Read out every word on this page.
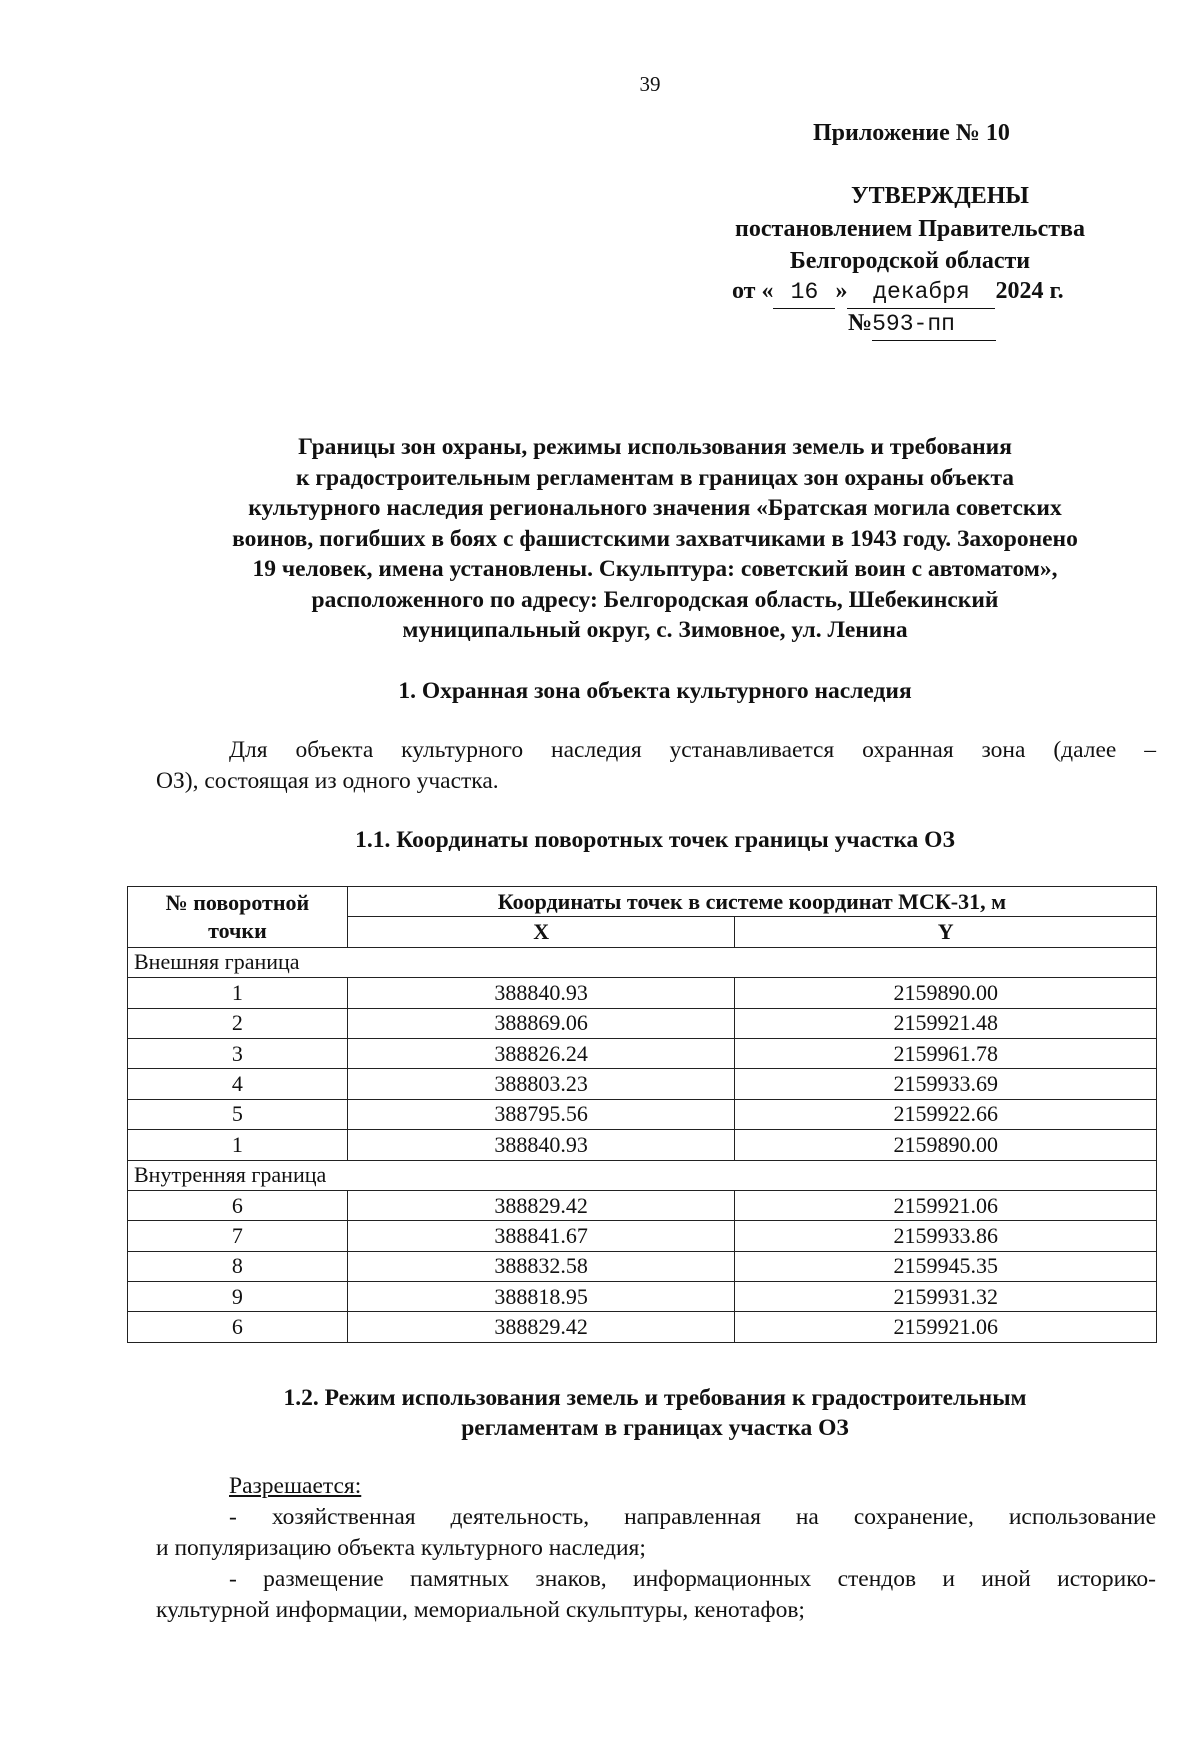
39
Приложение № 10
УТВЕРЖДЕНЫ
постановлением Правительства
Белгородской области
от « 16 » декабря 2024 г.
№593-пп
Границы зон охраны, режимы использования земель и требования
к градостроительным регламентам в границах зон охраны объекта
культурного наследия регионального значения «Братская могила советских
воинов, погибших в боях с фашистскими захватчиками в 1943 году. Захоронено
19 человек, имена установлены. Скульптура: советский воин с автоматом»,
расположенного по адресу: Белгородская область, Шебекинский
муниципальный округ, с. Зимовное, ул. Ленина
1. Охранная зона объекта культурного наследия
Для объекта культурного наследия устанавливается охранная зона (далее –
ОЗ), состоящая из одного участка.
1.1. Координаты поворотных точек границы участка ОЗ
№ поворотной
точки	Координаты точек в системе координат МСК-31, м	
	X	Y
Внешняя граница		
1	388840.93	2159890.00
2	388869.06	2159921.48
3	388826.24	2159961.78
4	388803.23	2159933.69
5	388795.56	2159922.66
1	388840.93	2159890.00
Внутренняя граница		
6	388829.42	2159921.06
7	388841.67	2159933.86
8	388832.58	2159945.35
9	388818.95	2159931.32
6	388829.42	2159921.06
1.2. Режим использования земель и требования к градостроительным
регламентам в границах участка ОЗ
Разрешается:
- хозяйственная деятельность, направленная на сохранение, использование
и популяризацию объекта культурного наследия;
- размещение памятных знаков, информационных стендов и иной историко-
культурной информации, мемориальной скульптуры, кенотафов;
